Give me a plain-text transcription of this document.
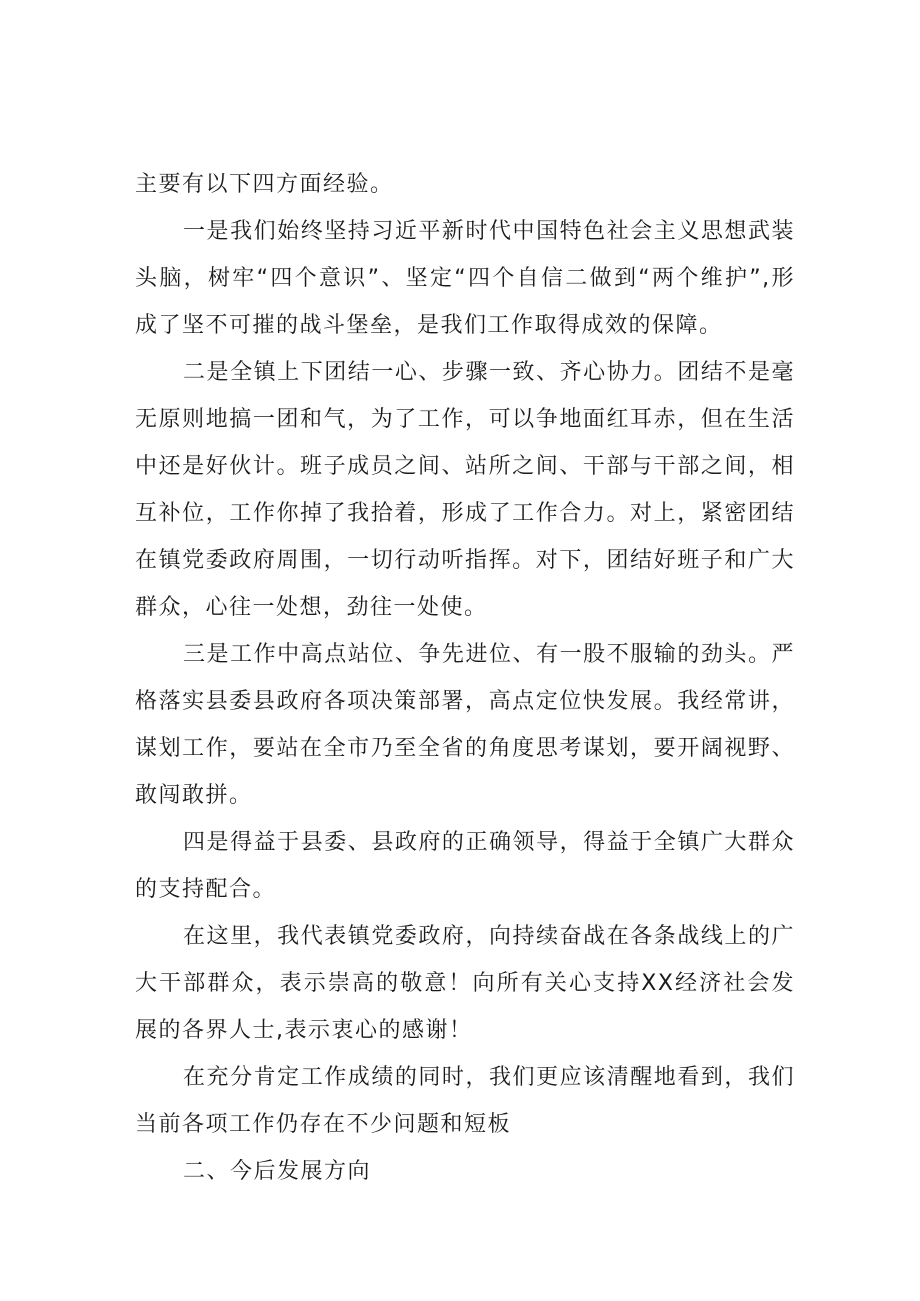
主要有以下四方面经验。

一是我们始终坚持习近平新时代中国特色社会主义思想武装头脑，树牢“四个意识”、坚定“四个自信二做到“两个维护”,形成了坚不可摧的战斗堡垒，是我们工作取得成效的保障。

二是全镇上下团结一心、步骤一致、齐心协力。团结不是毫无原则地搞一团和气，为了工作，可以争地面红耳赤，但在生活中还是好伙计。班子成员之间、站所之间、干部与干部之间，相互补位，工作你掉了我拾着，形成了工作合力。对上，紧密团结在镇党委政府周围，一切行动听指挥。对下，团结好班子和广大群众，心往一处想，劲往一处使。

三是工作中高点站位、争先进位、有一股不服输的劲头。严格落实县委县政府各项决策部署，高点定位快发展。我经常讲，谋划工作，要站在全市乃至全省的角度思考谋划，要开阔视野、敢闯敢拼。

四是得益于县委、县政府的正确领导，得益于全镇广大群众的支持配合。

在这里，我代表镇党委政府，向持续奋战在各条战线上的广大干部群众，表示崇高的敬意！向所有关心支持XX经济社会发展的各界人士,表示衷心的感谢！

在充分肯定工作成绩的同时，我们更应该清醒地看到，我们当前各项工作仍存在不少问题和短板

二、今后发展方向
